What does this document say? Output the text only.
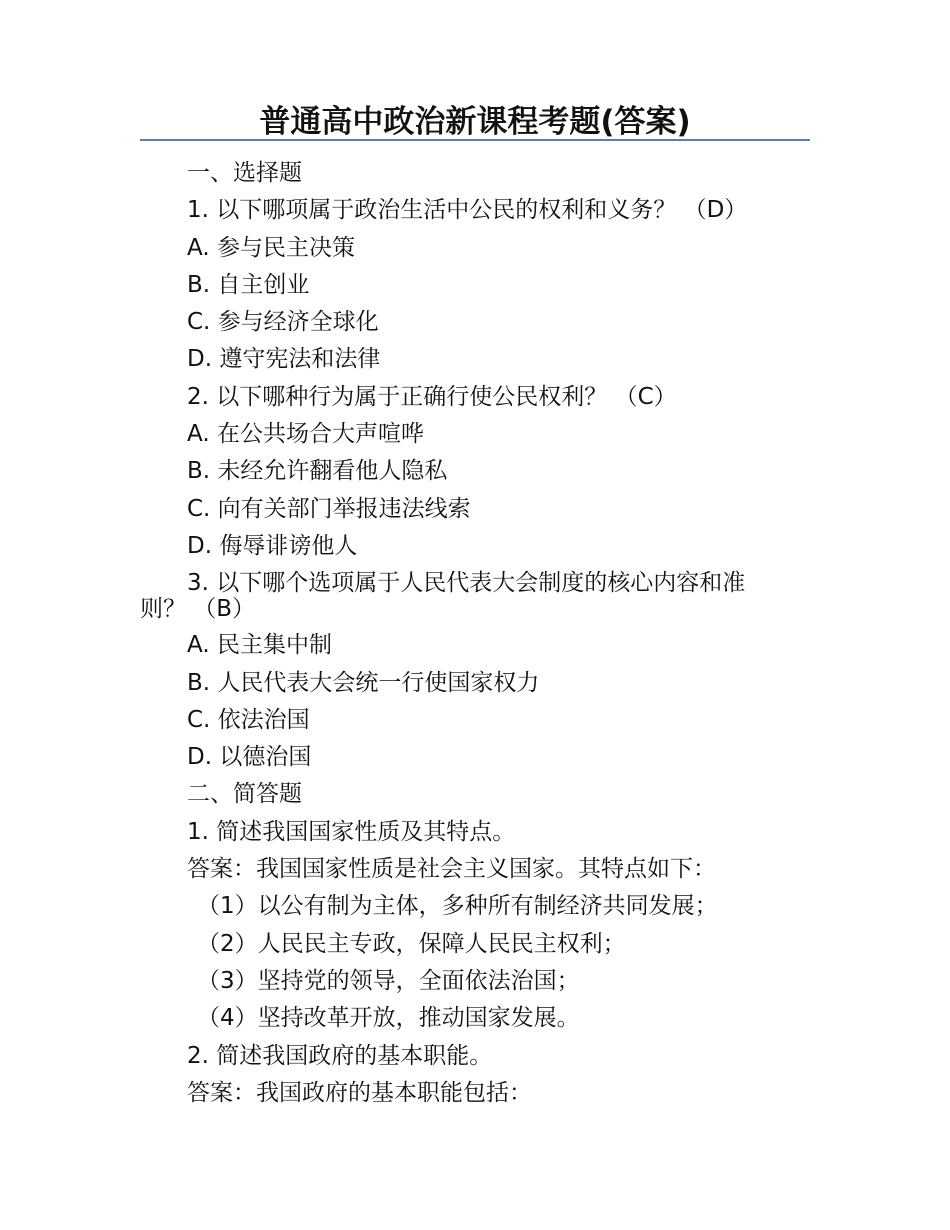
普通高中政治新课程考题(答案)
一、选择题
1. 以下哪项属于政治生活中公民的权利和义务？ （D）
A. 参与民主决策
B. 自主创业
C. 参与经济全球化
D. 遵守宪法和法律
2. 以下哪种行为属于正确行使公民权利？ （C）
A. 在公共场合大声喧哗
B. 未经允许翻看他人隐私
C. 向有关部门举报违法线索
D. 侮辱诽谤他人
3. 以下哪个选项属于人民代表大会制度的核心内容和准
则？ （B）
A. 民主集中制
B. 人民代表大会统一行使国家权力
C. 依法治国
D. 以德治国
二、简答题
1. 简述我国国家性质及其特点。
答案：我国国家性质是社会主义国家。其特点如下：
（1）以公有制为主体，多种所有制经济共同发展；
（2）人民民主专政，保障人民民主权利；
（3）坚持党的领导，全面依法治国；
（4）坚持改革开放，推动国家发展。
2. 简述我国政府的基本职能。
答案：我国政府的基本职能包括：
